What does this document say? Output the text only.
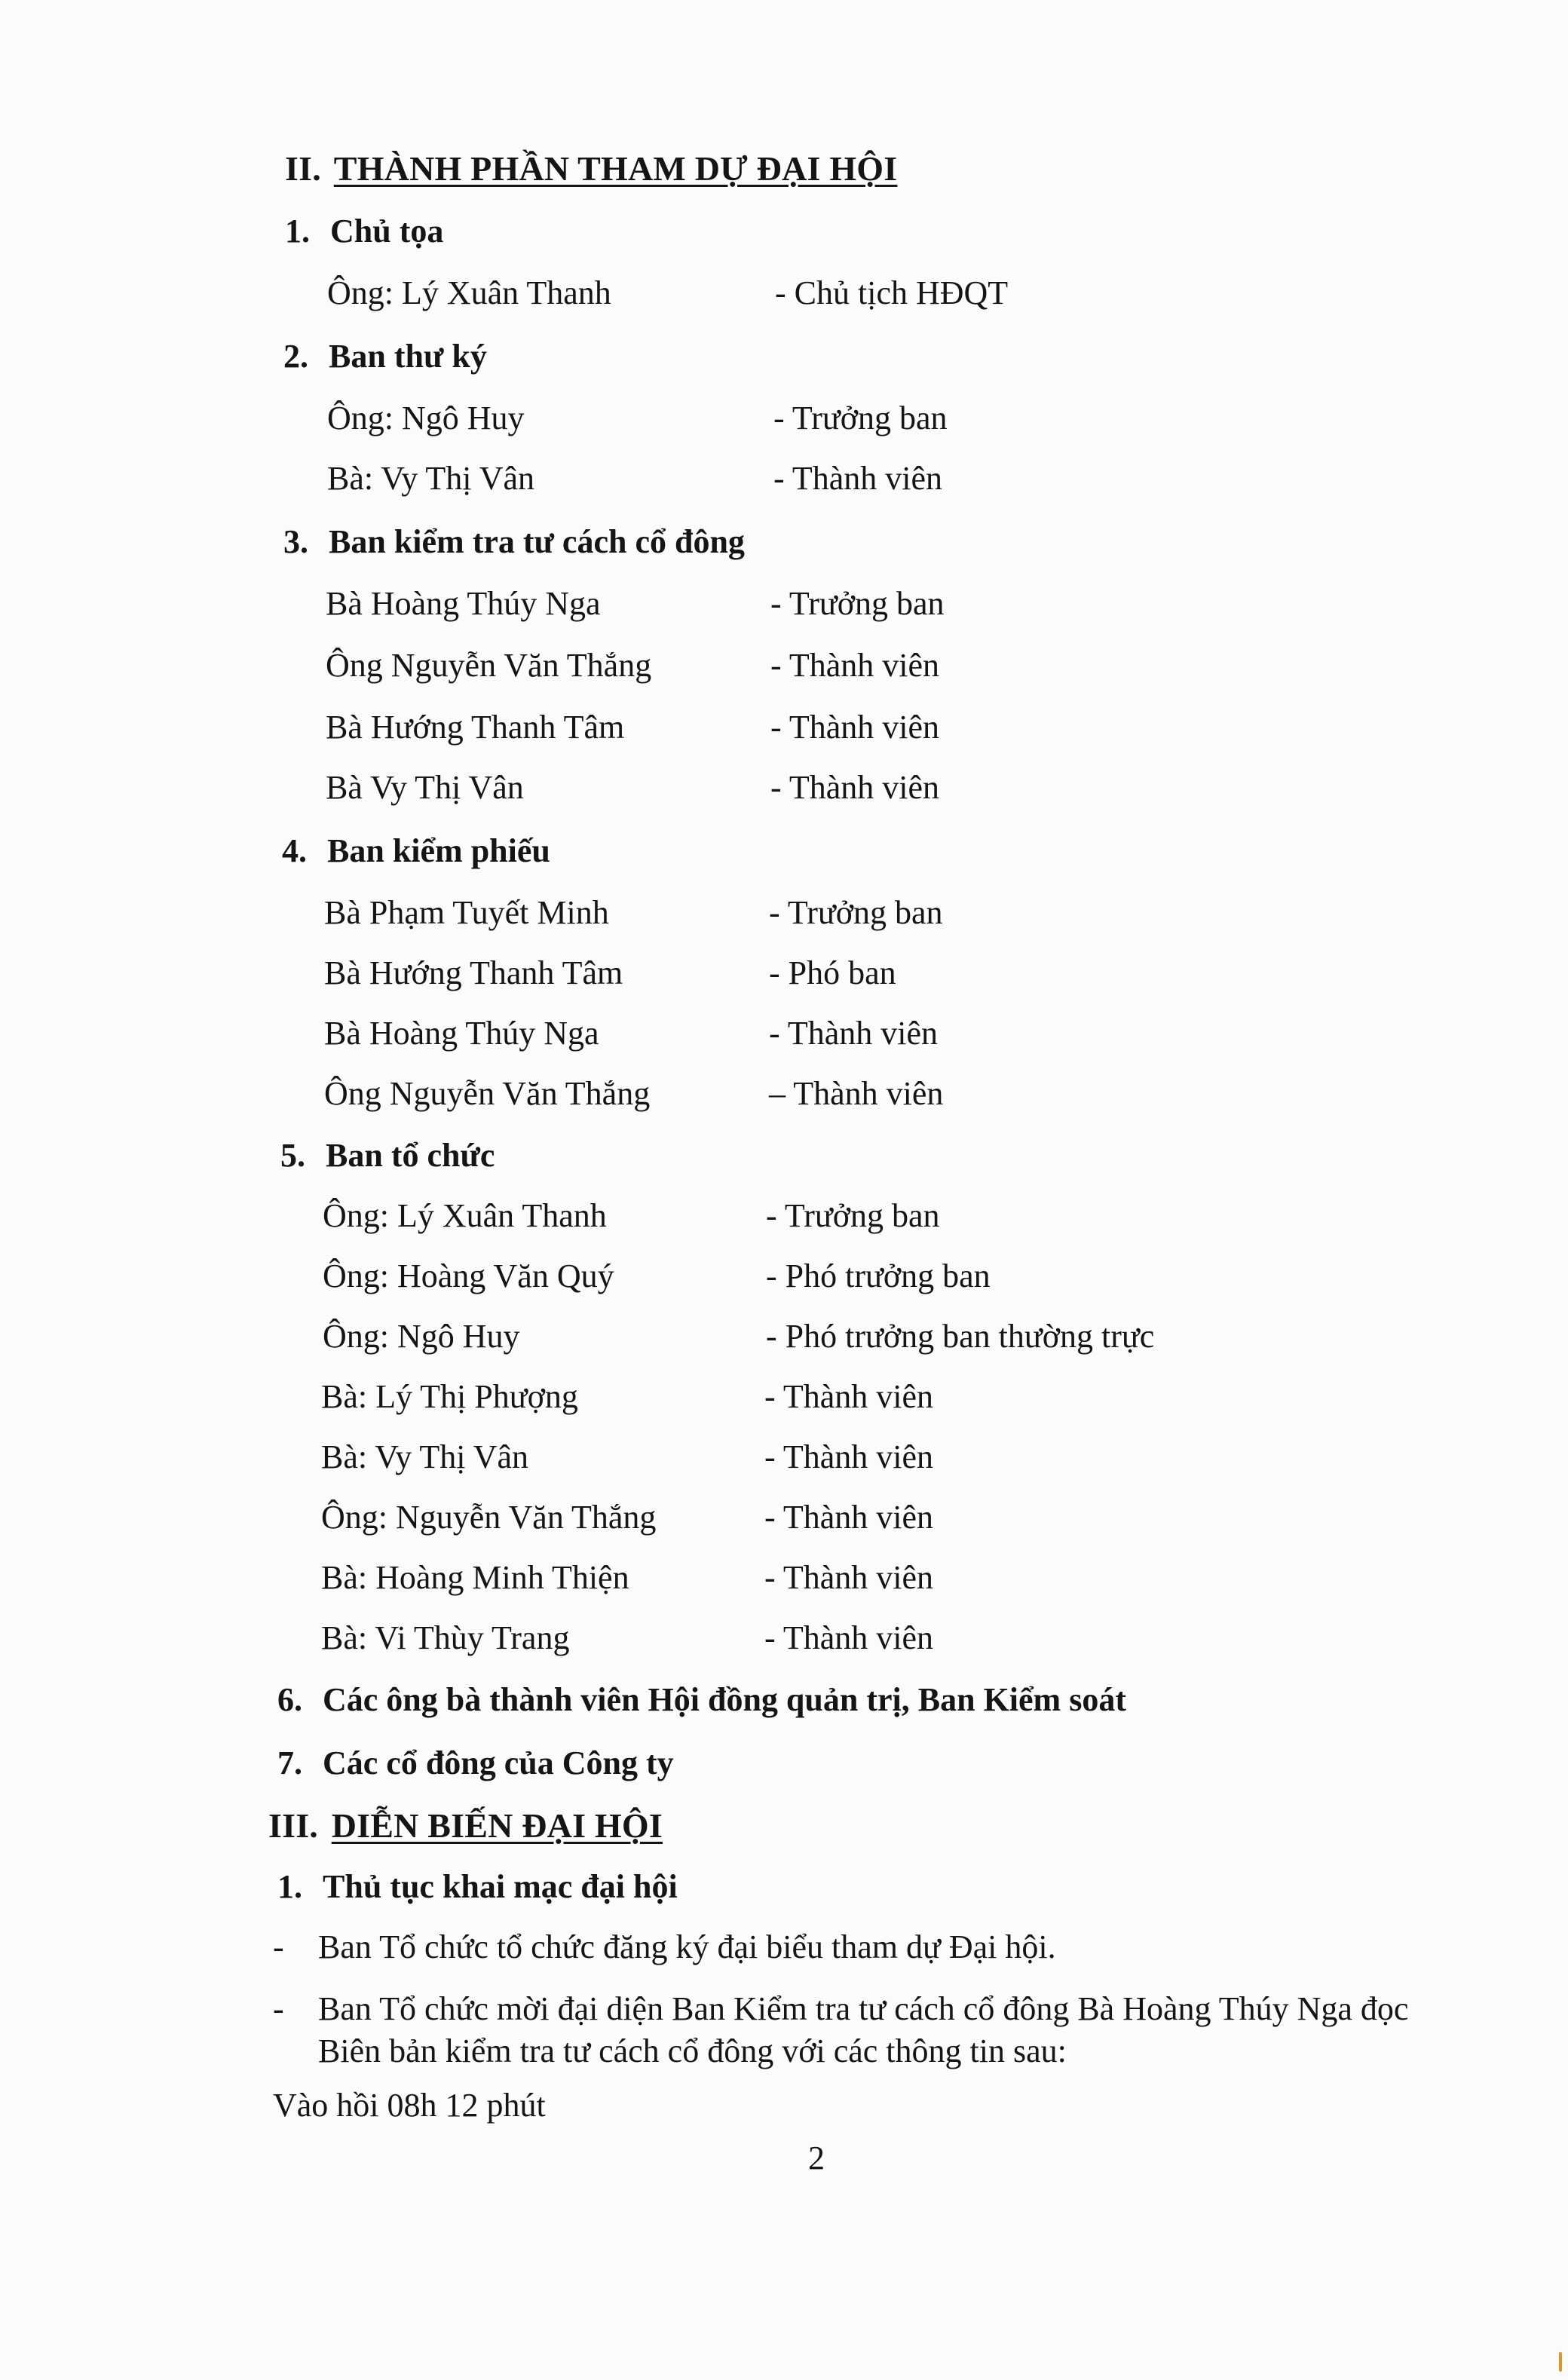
II. THÀNH PHẦN THAM DỰ ĐẠI HỘI
1. Chủ tọa
Ông: Lý Xuân Thanh	- Chủ tịch HĐQT
2. Ban thư ký
Ông: Ngô Huy	- Trưởng ban
Bà: Vy Thị Vân	- Thành viên
3. Ban kiểm tra tư cách cổ đông
Bà Hoàng Thúy Nga	- Trưởng ban
Ông Nguyễn Văn Thắng	- Thành viên
Bà Hướng Thanh Tâm	- Thành viên
Bà Vy Thị Vân	- Thành viên
4. Ban kiểm phiếu
Bà Phạm Tuyết Minh	- Trưởng ban
Bà Hướng Thanh Tâm	- Phó ban
Bà Hoàng Thúy Nga	- Thành viên
Ông Nguyễn Văn Thắng	– Thành viên
5. Ban tổ chức
Ông: Lý Xuân Thanh	- Trưởng ban
Ông: Hoàng Văn Quý	- Phó trưởng ban
Ông: Ngô Huy	- Phó trưởng ban thường trực
Bà: Lý Thị Phượng	- Thành viên
Bà: Vy Thị Vân	- Thành viên
Ông: Nguyễn Văn Thắng	- Thành viên
Bà: Hoàng Minh Thiện	- Thành viên
Bà: Vi Thùy Trang	- Thành viên
6. Các ông bà thành viên Hội đồng quản trị, Ban Kiểm soát
7. Các cổ đông của Công ty
III. DIỄN BIẾN ĐẠI HỘI
1. Thủ tục khai mạc đại hội
- Ban Tổ chức tổ chức đăng ký đại biểu tham dự Đại hội.
- Ban Tổ chức mời đại diện Ban Kiểm tra tư cách cổ đông Bà Hoàng Thúy Nga đọc
Biên bản kiểm tra tư cách cổ đông với các thông tin sau:
Vào hồi 08h 12 phút
2
